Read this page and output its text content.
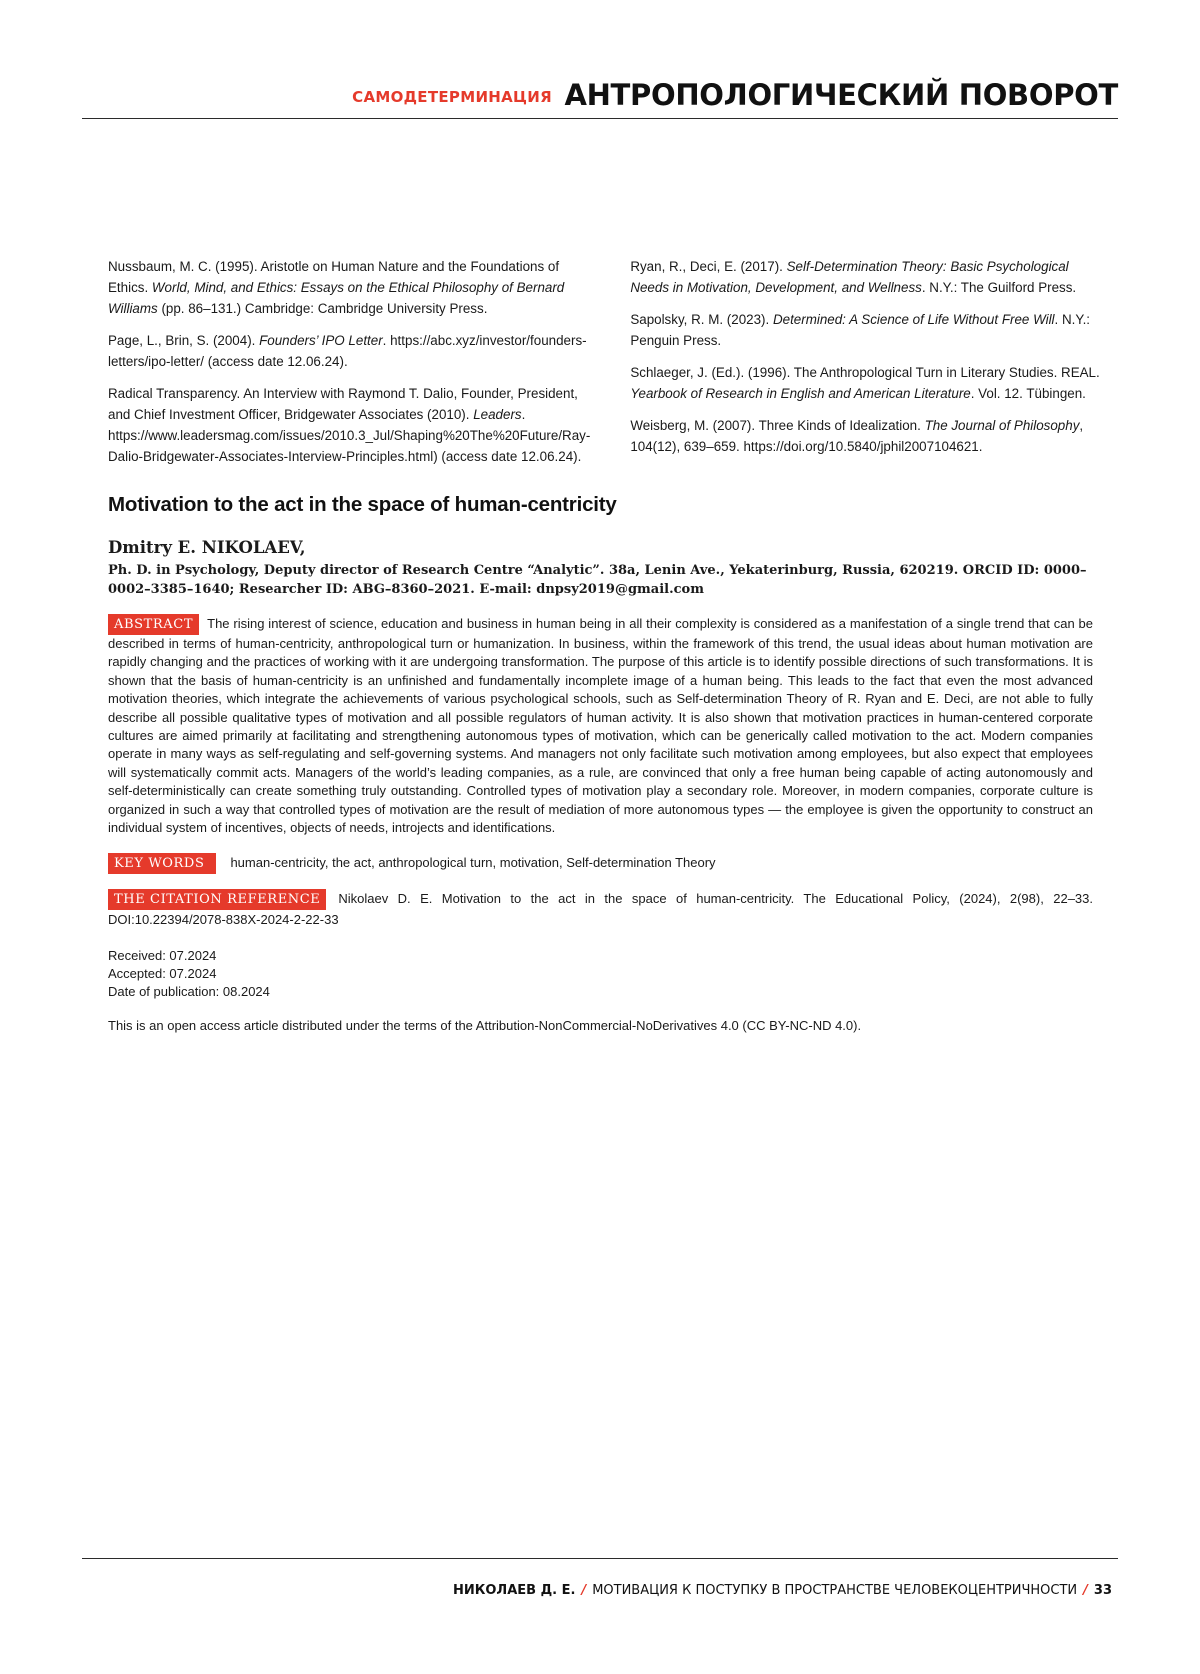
САМОДЕТЕРМИНАЦИЯ АНТРОПОЛОГИЧЕСКИЙ ПОВОРОТ

Nussbaum, M. C. (1995). Aristotle on Human Nature and the Foundations of Ethics. World, Mind, and Ethics: Essays on the Ethical Philosophy of Bernard Williams (pp. 86–131.) Cambridge: Cambridge University Press.

Page, L., Brin, S. (2004). Founders’ IPO Letter. https://abc.xyz/investor/founders-letters/ipo-letter/ (access date 12.06.24).

Radical Transparency. An Interview with Raymond T. Dalio, Founder, President, and Chief Investment Officer, Bridgewater Associates (2010). Leaders. https://www.leadersmag.com/issues/2010.3_Jul/Shaping%20The%20Future/Ray-Dalio-Bridgewater-Associates-Interview-Principles.html) (access date 12.06.24).

Ryan, R., Deci, E. (2017). Self-Determination Theory: Basic Psychological Needs in Motivation, Development, and Wellness. N.Y.: The Guilford Press.

Sapolsky, R. M. (2023). Determined: A Science of Life Without Free Will. N.Y.: Penguin Press.

Schlaeger, J. (Ed.). (1996). The Anthropological Turn in Literary Studies. REAL. Yearbook of Research in English and American Literature. Vol. 12. Tübingen.

Weisberg, M. (2007). Three Kinds of Idealization. The Journal of Philosophy, 104(12), 639–659. https://doi.org/10.5840/jphil2007104621.

Motivation to the act in the space of human-centricity

Dmitry E. NIKOLAEV,

Ph. D. in Psychology, Deputy director of Research Centre “Analytic”. 38a, Lenin Ave., Yekaterinburg, Russia, 620219. ORCID ID: 0000–0002–3385–1640; Researcher ID: ABG–8360–2021. E-mail: dnpsy2019@gmail.com

ABSTRACT The rising interest of science, education and business in human being in all their complexity is considered as a manifestation of a single trend that can be described in terms of human-centricity, anthropological turn or humanization. In business, within the framework of this trend, the usual ideas about human motivation are rapidly changing and the practices of working with it are undergoing transformation. The purpose of this article is to identify possible directions of such transformations. It is shown that the basis of human-centricity is an unfinished and fundamentally incomplete image of a human being. This leads to the fact that even the most advanced motivation theories, which integrate the achievements of various psychological schools, such as Self-determination Theory of R. Ryan and E. Deci, are not able to fully describe all possible qualitative types of motivation and all possible regulators of human activity. It is also shown that motivation practices in human-centered corporate cultures are aimed primarily at facilitating and strengthening autonomous types of motivation, which can be generically called motivation to the act. Modern companies operate in many ways as self-regulating and self-governing systems. And managers not only facilitate such motivation among employees, but also expect that employees will systematically commit acts. Managers of the world’s leading companies, as a rule, are convinced that only a free human being capable of acting autonomously and self-deterministically can create something truly outstanding. Controlled types of motivation play a secondary role. Moreover, in modern companies, corporate culture is organized in such a way that controlled types of motivation are the result of mediation of more autonomous types — the employee is given the opportunity to construct an individual system of incentives, objects of needs, introjects and identifications.

KEY WORDS human-centricity, the act, anthropological turn, motivation, Self-determination Theory

THE CITATION REFERENCE Nikolaev D. E. Motivation to the act in the space of human-centricity. The Educational Policy, (2024), 2(98), 22–33. DOI:10.22394/2078-838X-2024-2-22-33

Received: 07.2024
Accepted: 07.2024
Date of publication: 08.2024

This is an open access article distributed under the terms of the Attribution-NonCommercial-NoDerivatives 4.0 (CC BY-NC-ND 4.0).

НИКОЛАЕВ Д. Е. / МОТИВАЦИЯ К ПОСТУПКУ В ПРОСТРАНСТВЕ ЧЕЛОВЕКОЦЕНТРИЧНОСТИ / 33
